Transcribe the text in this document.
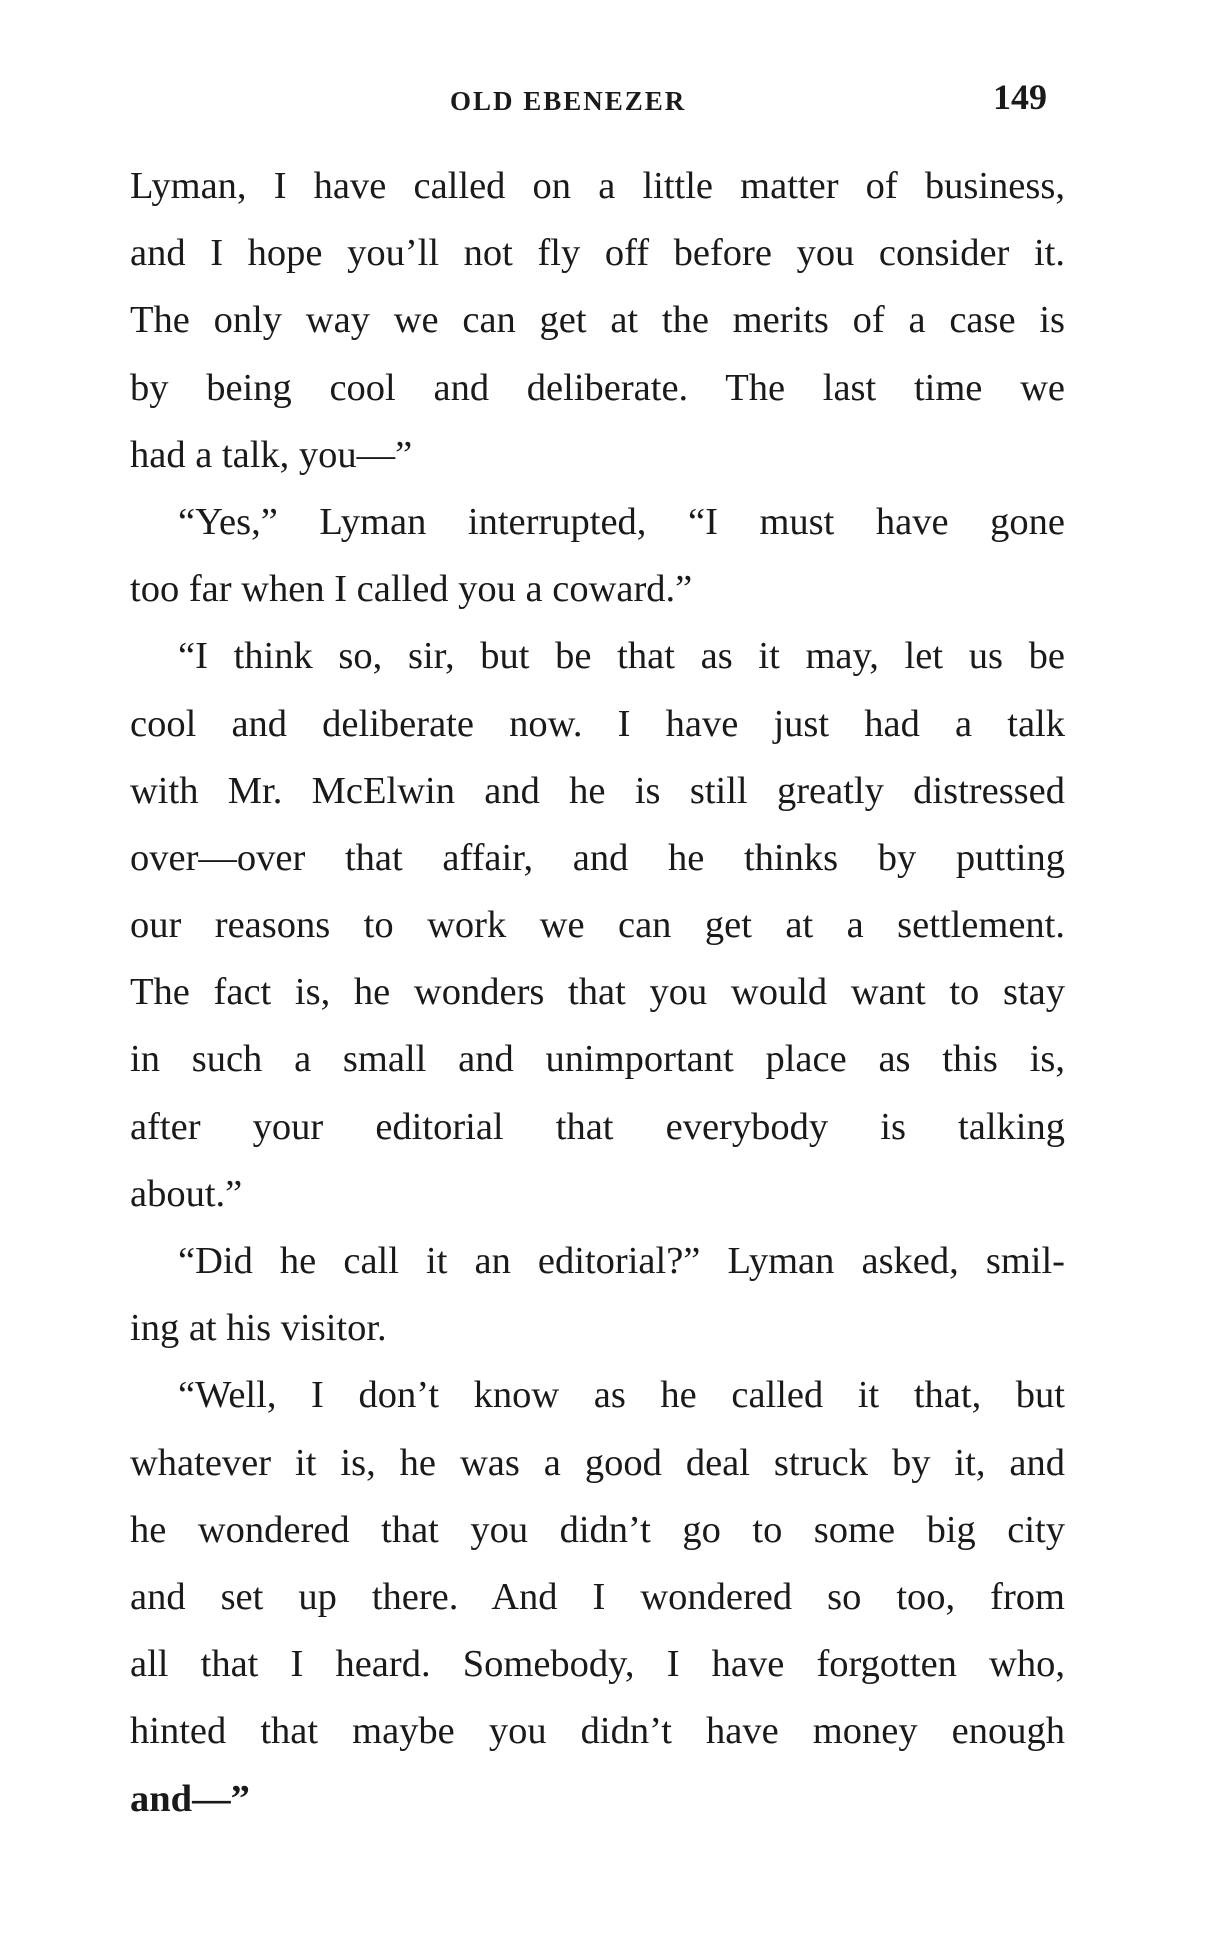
OLD EBENEZER	149
Lyman, I have called on a little matter of business,
and I hope you’ll not fly off before you consider it.
The only way we can get at the merits of a case is
by being cool and deliberate. The last time we
had a talk, you—”
“Yes,” Lyman interrupted, “I must have gone
too far when I called you a coward.”
“I think so, sir, but be that as it may, let us be
cool and deliberate now. I have just had a talk
with Mr. McElwin and he is still greatly distressed
over—over that affair, and he thinks by putting
our reasons to work we can get at a settlement.
The fact is, he wonders that you would want to stay
in such a small and unimportant place as this is,
after your editorial that everybody is talking
about.”
“Did he call it an editorial?” Lyman asked, smil-
ing at his visitor.
“Well, I don’t know as he called it that, but
whatever it is, he was a good deal struck by it, and
he wondered that you didn’t go to some big city
and set up there. And I wondered so too, from
all that I heard. Somebody, I have forgotten who,
hinted that maybe you didn’t have money enough
and—”
